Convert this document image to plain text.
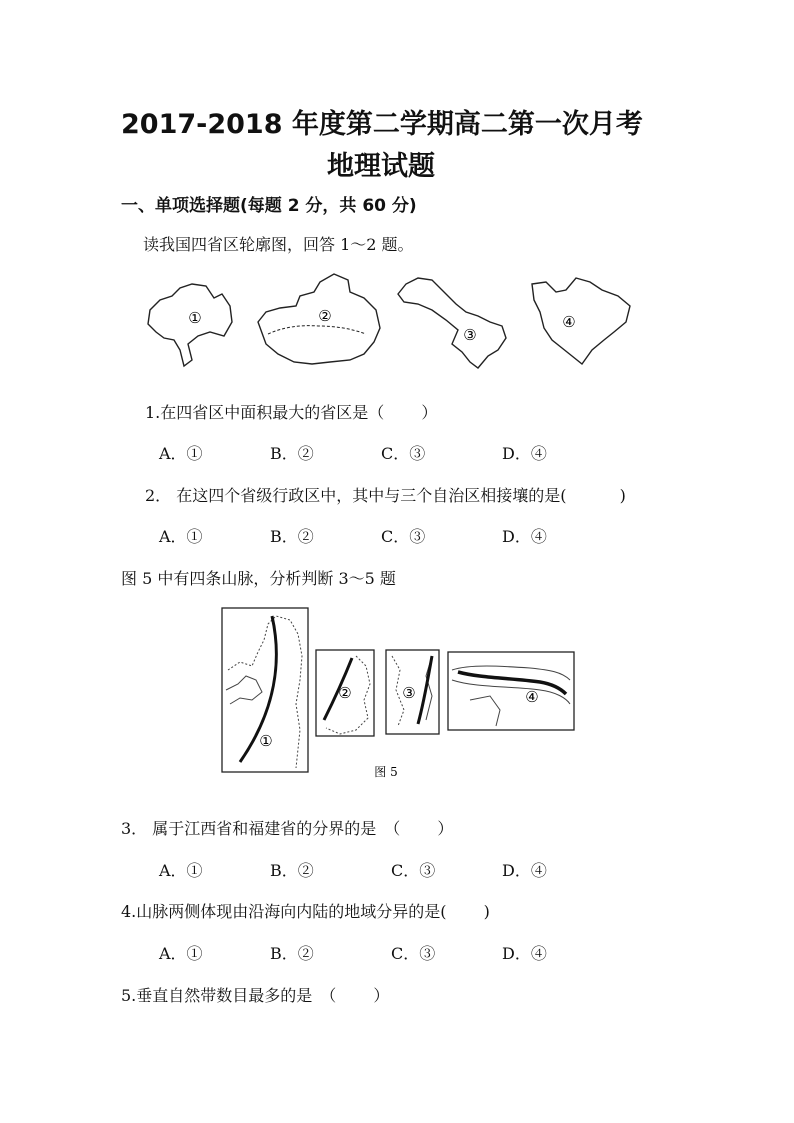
2017-2018 年度第二学期高二第一次月考
地理试题
一、单项选择题(每题 2 分，共 60 分)
读我国四省区轮廓图，回答 1～2 题。
①	②
③
④
1.在四省区中面积最大的省区是（　　 ）
A．①	B．②	C．③	D．④
2． 在这四个省级行政区中，其中与三个自治区相接壤的是(　　 　)
A．①	B．②	C．③	D．④
图 5 中有四条山脉，分析判断 3～5 题
①
②	③	④
图 5
3． 属于江西省和福建省的分界的是　（　　 ）
A．①	B．②	C．③	D．④
4.山脉两侧体现由沿海向内陆的地域分异的是(　　 )
A．①	B．②	C．③	D．④
5.垂直自然带数目最多的是　（　　 ）
